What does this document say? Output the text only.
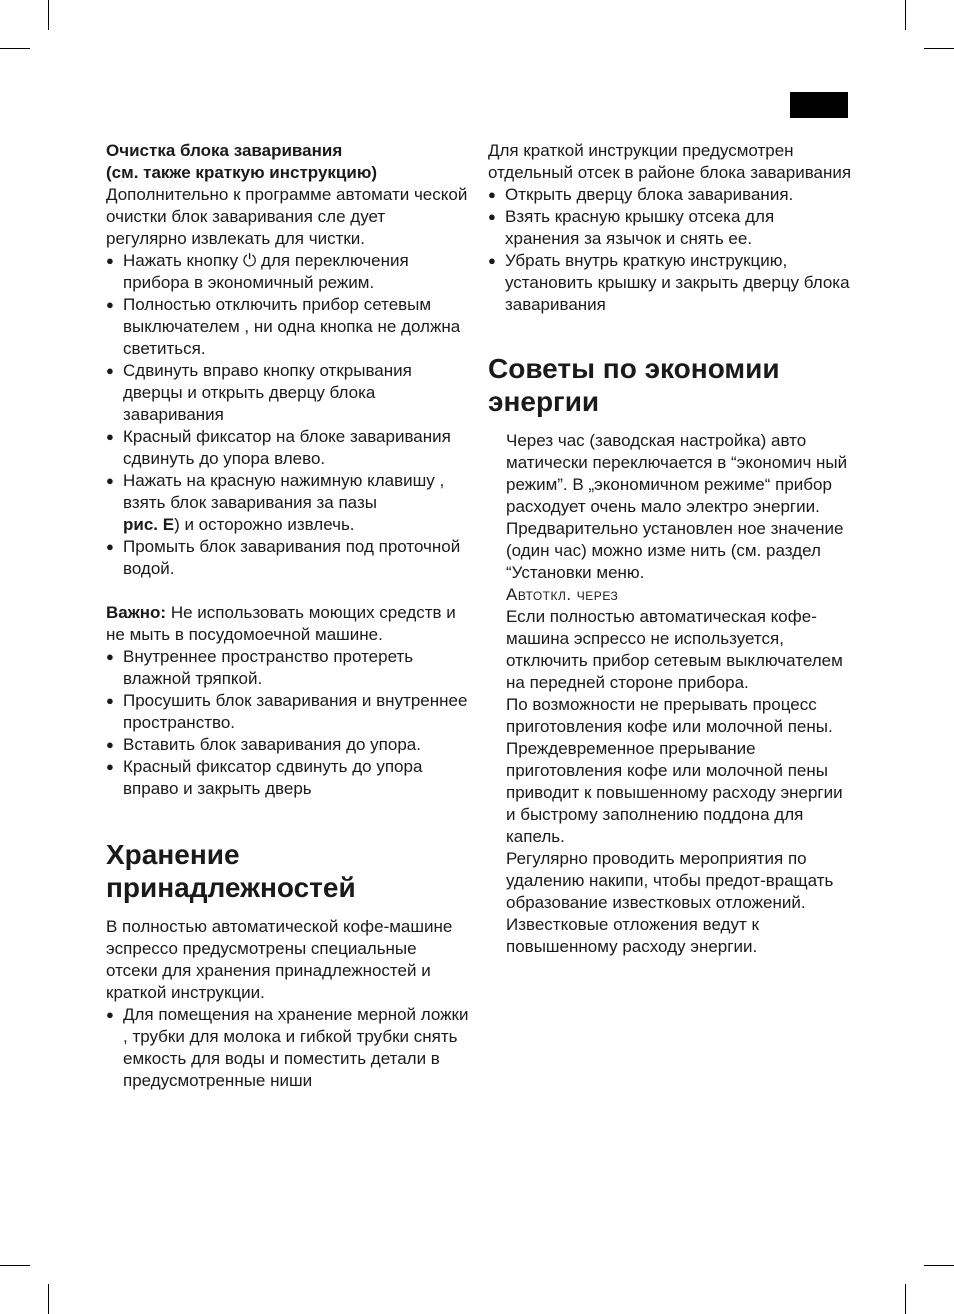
Очистка блока заваривания
(см. также краткую инструкцию)

Дополнительно к программе автомати ческой очистки блок заваривания сле дует регулярно извлекать для чистки.

● Нажать кнопку ⏻ для переключения прибора в экономичный режим.
● Полностью отключить прибор сетевым выключателем , ни одна кнопка не должна светиться.
● Сдвинуть вправо кнопку открывания дверцы и открыть дверцу блока заваривания
● Красный фиксатор на блоке заваривания сдвинуть до упора влево.
● Нажать на красную нажимную клавишу , взять блок заваривания за пазы
рис. E) и осторожно извлечь.
● Промыть блок заваривания под проточной водой.

Важно: Не использовать моющих средств и не мыть в посудомоечной машине.

● Внутреннее пространство протереть влажной тряпкой.
● Просушить блок заваривания и внутреннее пространство.
● Вставить блок заваривания до упора.
● Красный фиксатор сдвинуть до упора вправо и закрыть дверь
Хранение
принадлежностей

В полностью автоматической кофе-машине эспрессо предусмотрены специальные отсеки для хранения принадлежностей и краткой инструкции.

● Для помещения на хранение мерной ложки , трубки для молока и гибкой трубки снять емкость для воды и поместить детали в предусмотренные ниши

Для краткой инструкции предусмотрен отдельный отсек в районе блока заваривания

● Открыть дверцу блока заваривания.
● Взять красную крышку отсека для хранения за язычок и снять ее.
● Убрать внутрь краткую инструкцию, установить крышку и закрыть дверцу блока заваривания
Советы по экономии
энергии

Через час (заводская настройка) авто матически переключается в “экономич ный режим”. В „экономичном режиме“ прибор расходует очень мало электро энергии. Предварительно установлен ное значение (один час) можно изме нить (см. раздел “Установки меню.

Автоткл. через

Если полностью автоматическая кофе-машина эспрессо не используется, отключить прибор сетевым выключателем на передней стороне прибора.

По возможности не прерывать процесс приготовления кофе или молочной пены. Преждевременное прерывание приготовления кофе или молочной пены приводит к повышенному расходу энергии и быстрому заполнению поддона для капель.

Регулярно проводить мероприятия по удалению накипи, чтобы предот-вращать образование известковых отложений. Известковые отложения ведут к повышенному расходу энергии.
